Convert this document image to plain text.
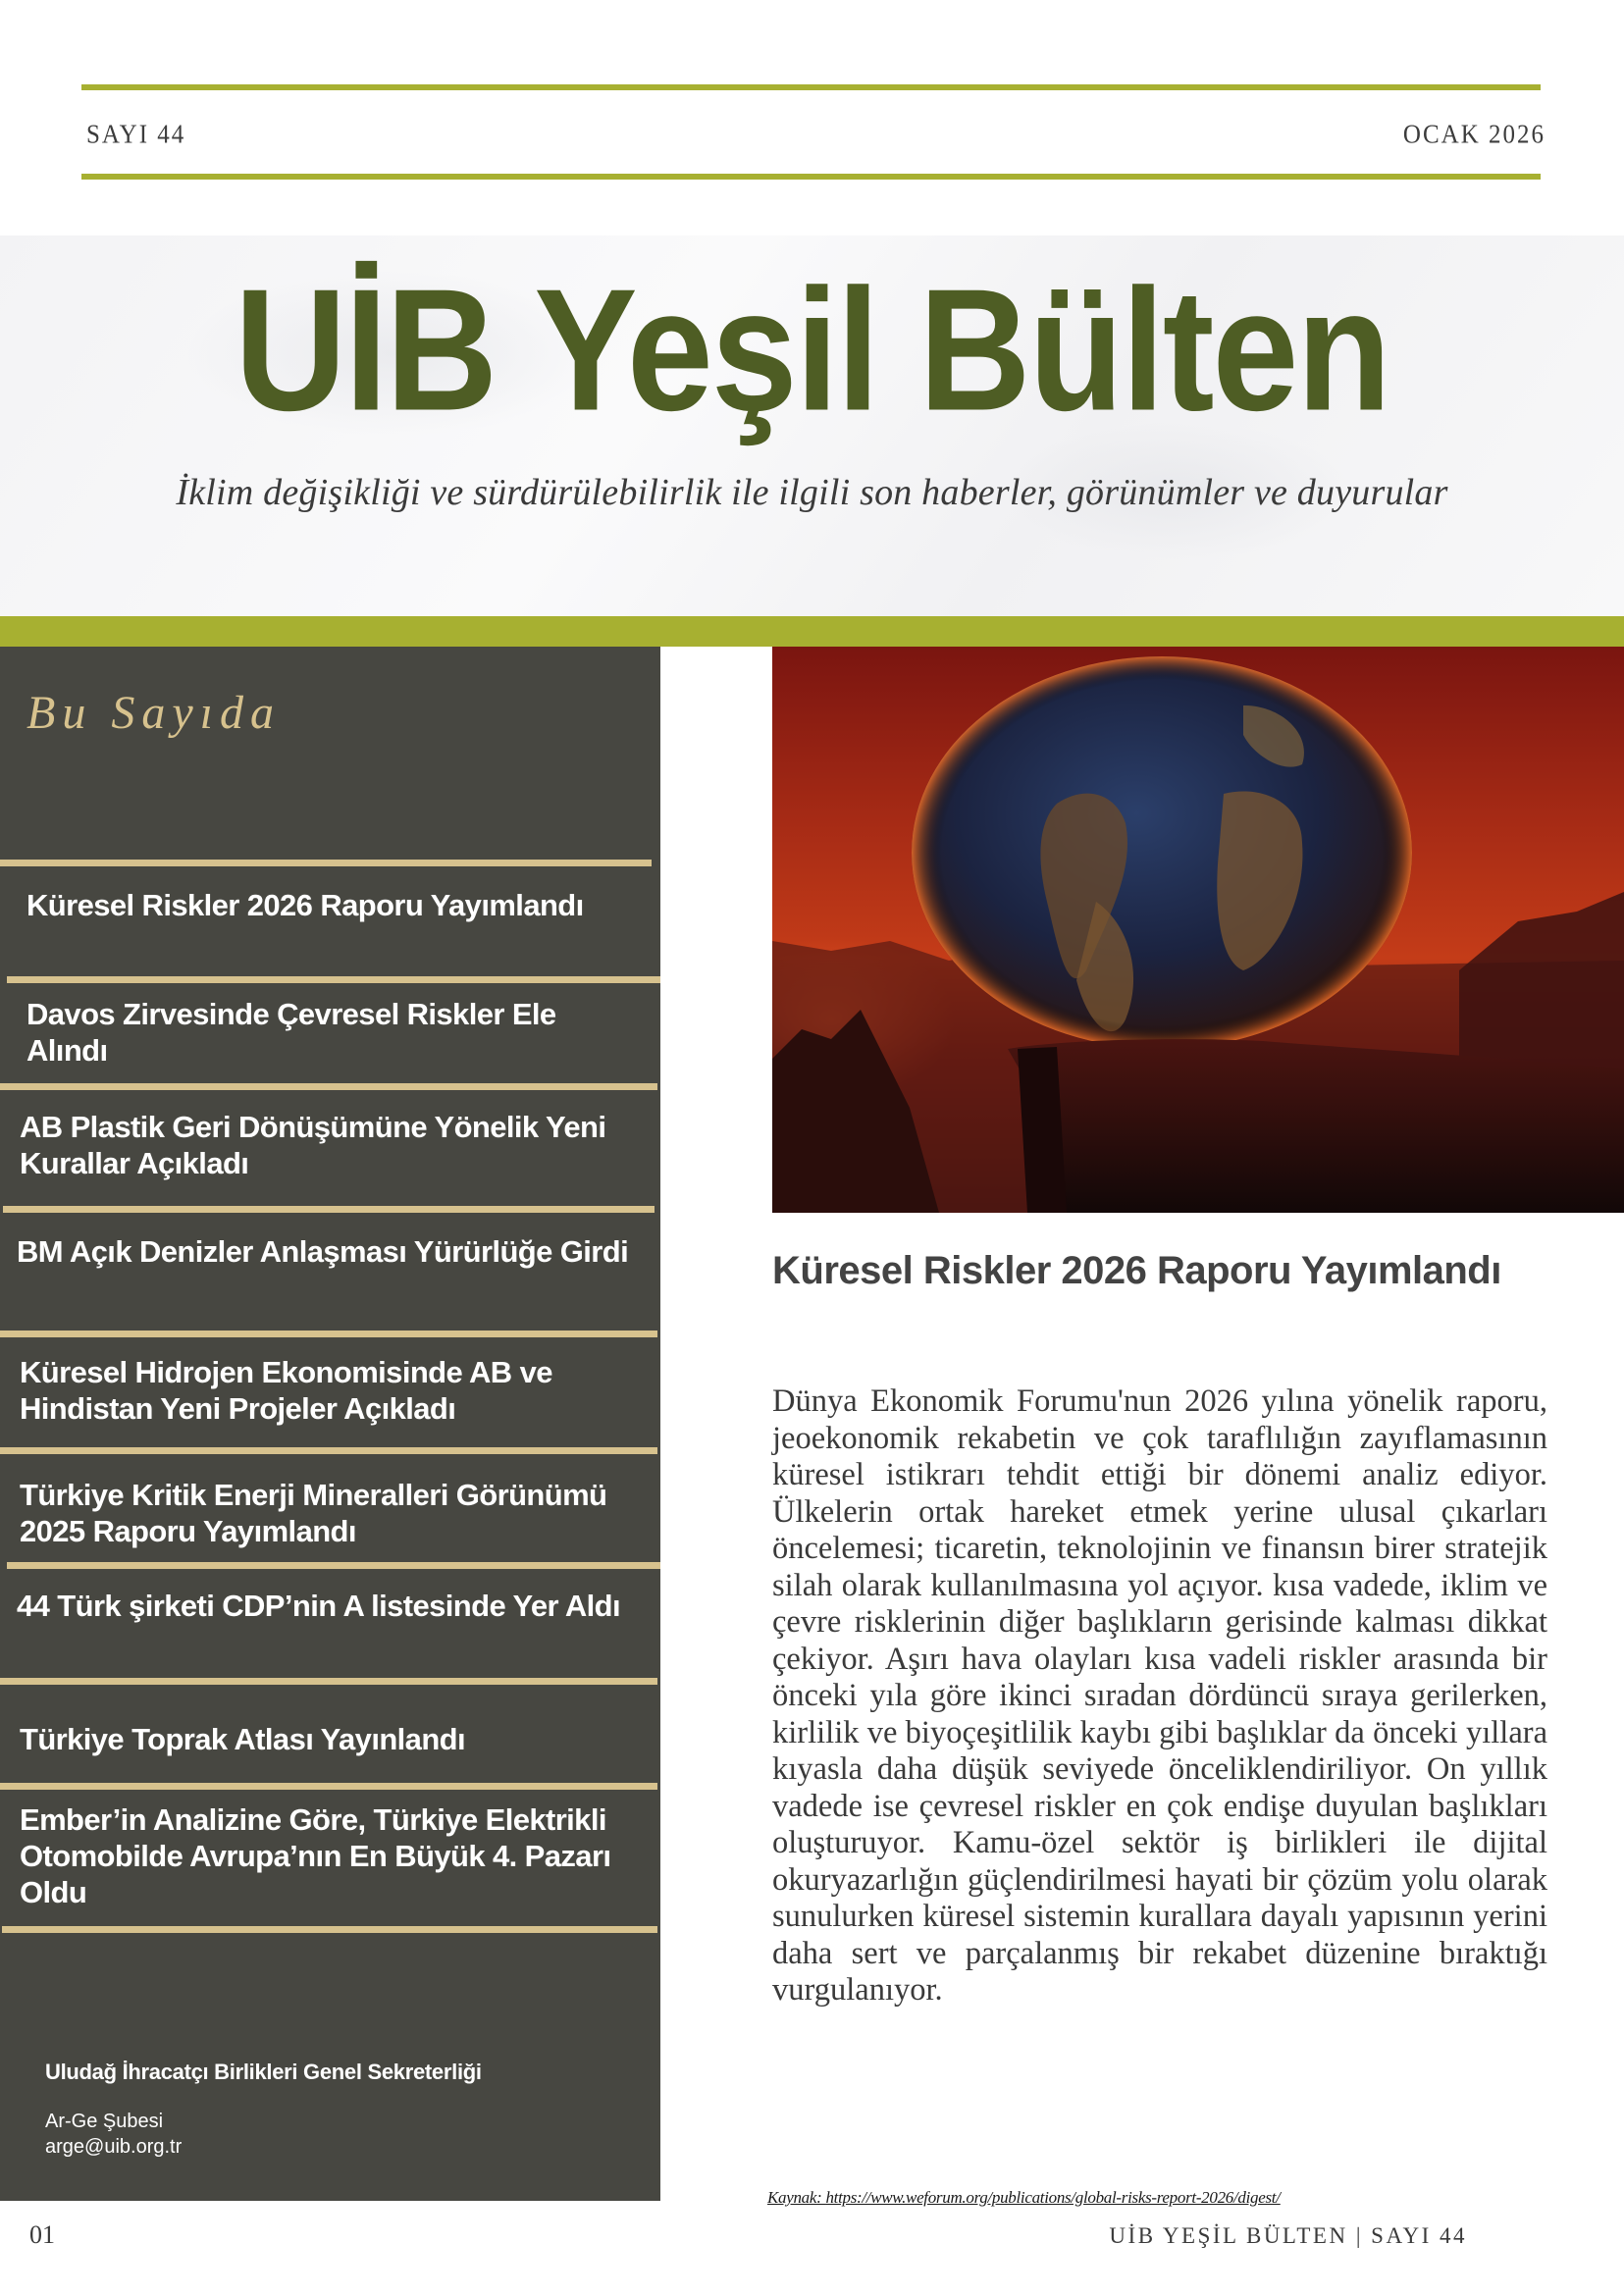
SAYI 44	OCAK 2026
UİB Yeşil Bülten
İklim değişikliği ve sürdürülebilirlik ile ilgili son haberler, görünümler ve duyurular
Bu Sayıda
Küresel Riskler 2026 Raporu Yayımlandı
Davos Zirvesinde Çevresel Riskler Ele Alındı
AB Plastik Geri Dönüşümüne Yönelik Yeni Kurallar Açıkladı
BM Açık Denizler Anlaşması Yürürlüğe Girdi
Küresel Hidrojen Ekonomisinde AB ve Hindistan Yeni Projeler Açıkladı
Türkiye Kritik Enerji Mineralleri Görünümü 2025 Raporu Yayımlandı
44 Türk şirketi CDP’nin A listesinde Yer Aldı
Türkiye Toprak Atlası Yayınlandı
Ember’in Analizine Göre, Türkiye Elektrikli Otomobilde Avrupa’nın En Büyük 4. Pazarı Oldu
Uludağ İhracatçı Birlikleri Genel Sekreterliği
Ar-Ge Şubesi
arge@uib.org.tr
Küresel Riskler 2026 Raporu Yayımlandı

Dünya Ekonomik Forumu'nun 2026 yılına yönelik raporu, jeoekonomik rekabetin ve çok taraflılığın zayıflamasının küresel istikrarı tehdit ettiği bir dönemi analiz ediyor. Ülkelerin ortak hareket etmek yerine ulusal çıkarları öncelemesi; ticaretin, teknolojinin ve finansın birer stratejik silah olarak kullanılmasına yol açıyor. kısa vadede, iklim ve çevre risklerinin diğer başlıkların gerisinde kalması dikkat çekiyor. Aşırı hava olayları kısa vadeli riskler arasında bir önceki yıla göre ikinci sıradan dördüncü sıraya gerilerken, kirlilik ve biyoçeşitlilik kaybı gibi başlıklar da önceki yıllara kıyasla daha düşük seviyede önceliklendiriliyor. On yıllık vadede ise çevresel riskler en çok endişe duyulan başlıkları oluşturuyor. Kamu-özel sektör iş birlikleri ile dijital okuryazarlığın güçlendirilmesi hayati bir çözüm yolu olarak sunulurken küresel sistemin kurallara dayalı yapısının yerini daha sert ve parçalanmış bir rekabet düzenine bıraktığı vurgulanıyor.

Kaynak: https://www.weforum.org/publications/global-risks-report-2026/digest/
01	UİB YEŞİL BÜLTEN | SAYI 44
